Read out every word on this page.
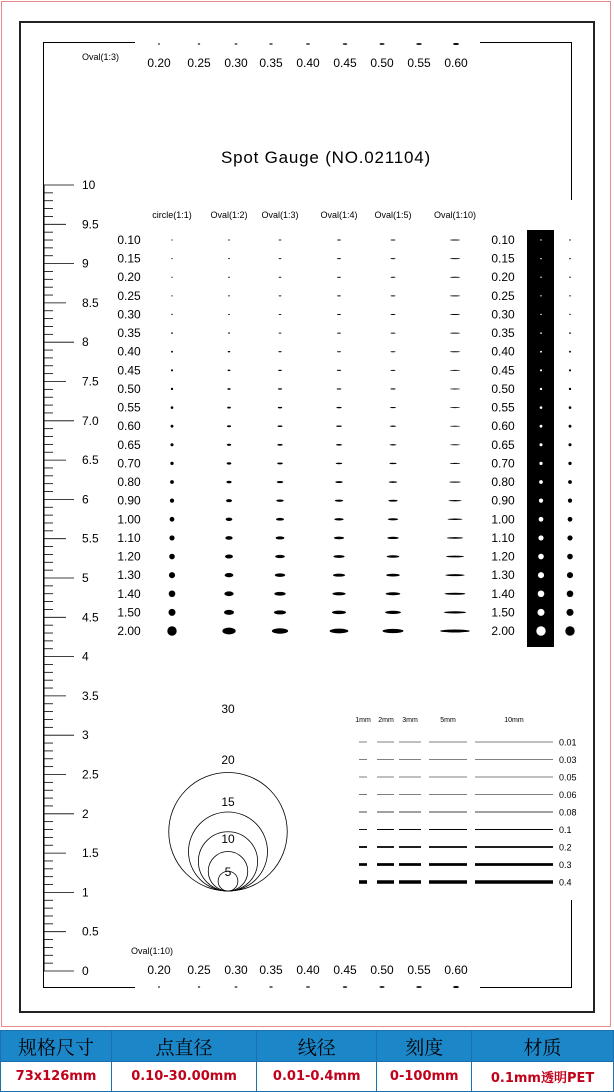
Oval(1:3)
Oval(1:10)
Spot Gauge (NO.021104)
0.20 0.25 0.30 0.35 0.40 0.45 0.50 0.55 0.60
0.20 0.25 0.30 0.35 0.40 0.45 0.50 0.55 0.60
10
9.5
9
8.5
8
7.5
7.0
6.5
6
5.5
5
4.5
4
3.5
3
2.5
2
1.5
1
0.5
0
circle(1:1) Oval(1:2) Oval(1:3) Oval(1:4) Oval(1:5) Oval(1:10)
0.10	0.10
0.15	0.15
0.20	0.20
0.25	0.25
0.30	0.30
0.35	0.35
0.40	0.40
0.45	0.45
0.50	0.50
0.55	0.55
0.60	0.60
0.65	0.65
0.70	0.70
0.80	0.80
0.90	0.90
1.00	1.00
1.10	1.10
1.20	1.20
1.30	1.30
1.40	1.40
1.50	1.50
2.00	2.00
30
20
15
10
5
1mm 2mm 3mm	5mm	10mm
0.01
0.03
0.05
0.06
0.08
0.1
0.2
0.3
0.4
规格尺寸	点直径	线径	刻度	材质
73x126mm	0.10-30.00mm	0.01-0.4mm	0-100mm	0.1mm透明PET
